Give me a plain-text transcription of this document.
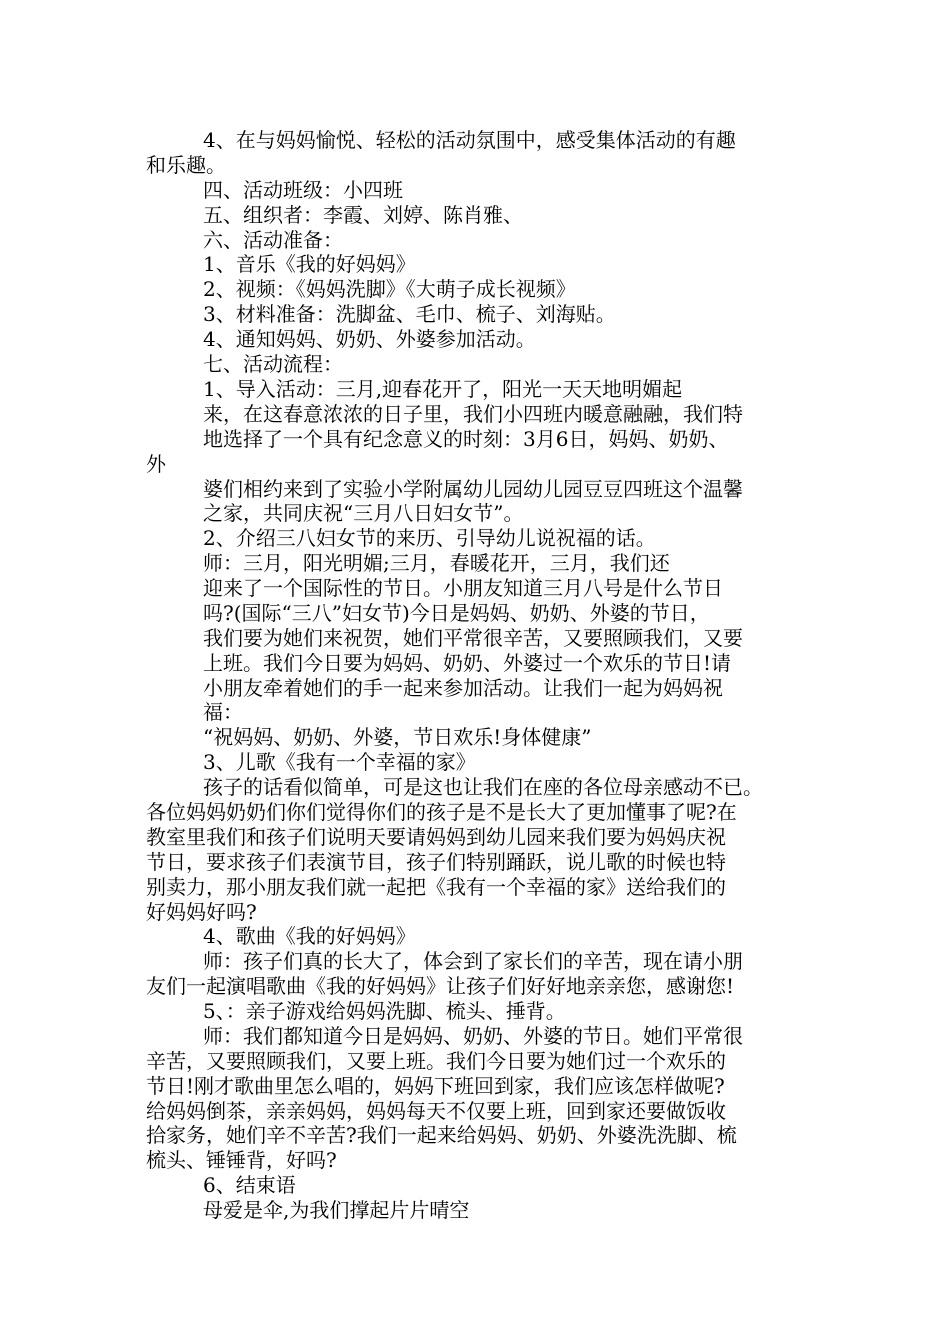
4、在与妈妈愉悦、轻松的活动氛围中，感受集体活动的有趣

和乐趣。

四、活动班级：小四班

五、组织者：李霞、刘婷、陈肖雅、

六、活动准备：

1、音乐《我的好妈妈》

2、视频：《妈妈洗脚》《大萌子成长视频》

3、材料准备：洗脚盆、毛巾、梳子、刘海贴。

4、通知妈妈、奶奶、外婆参加活动。

七、活动流程：

1、导入活动：三月,迎春花开了，阳光一天天地明媚起

来，在这春意浓浓的日子里，我们小四班内暖意融融，我们特

地选择了一个具有纪念意义的时刻：3月6日，妈妈、奶奶、

外

婆们相约来到了实验小学附属幼儿园幼儿园豆豆四班这个温馨

之家，共同庆祝“三月八日妇女节”。

2、介绍三八妇女节的来历、引导幼儿说祝福的话。

师：三月，阳光明媚;三月，春暖花开，三月，我们还

迎来了一个国际性的节日。小朋友知道三月八号是什么节日

吗?(国际“三八”妇女节)今日是妈妈、奶奶、外婆的节日，

我们要为她们来祝贺，她们平常很辛苦，又要照顾我们，又要

上班。我们今日要为妈妈、奶奶、外婆过一个欢乐的节日!请

小朋友牵着她们的手一起来参加活动。让我们一起为妈妈祝

福：

“祝妈妈、奶奶、外婆，节日欢乐!身体健康”

3、儿歌《我有一个幸福的家》

孩子的话看似简单，可是这也让我们在座的各位母亲感动不已。

各位妈妈奶奶们你们觉得你们的孩子是不是长大了更加懂事了呢?在

教室里我们和孩子们说明天要请妈妈到幼儿园来我们要为妈妈庆祝

节日，要求孩子们表演节目，孩子们特别踊跃，说儿歌的时候也特

别卖力，那小朋友我们就一起把《我有一个幸福的家》送给我们的

好妈妈好吗?

4、歌曲《我的好妈妈》

师：孩子们真的长大了，体会到了家长们的辛苦，现在请小朋

友们一起演唱歌曲《我的好妈妈》让孩子们好好地亲亲您，感谢您!

5、：亲子游戏给妈妈洗脚、梳头、捶背。

师：我们都知道今日是妈妈、奶奶、外婆的节日。她们平常很

辛苦，又要照顾我们，又要上班。我们今日要为她们过一个欢乐的

节日!刚才歌曲里怎么唱的，妈妈下班回到家，我们应该怎样做呢?

给妈妈倒茶，亲亲妈妈，妈妈每天不仅要上班，回到家还要做饭收

拾家务，她们辛不辛苦?我们一起来给妈妈、奶奶、外婆洗洗脚、梳

梳头、锤锤背，好吗?

6、结束语

母爱是伞,为我们撑起片片晴空
